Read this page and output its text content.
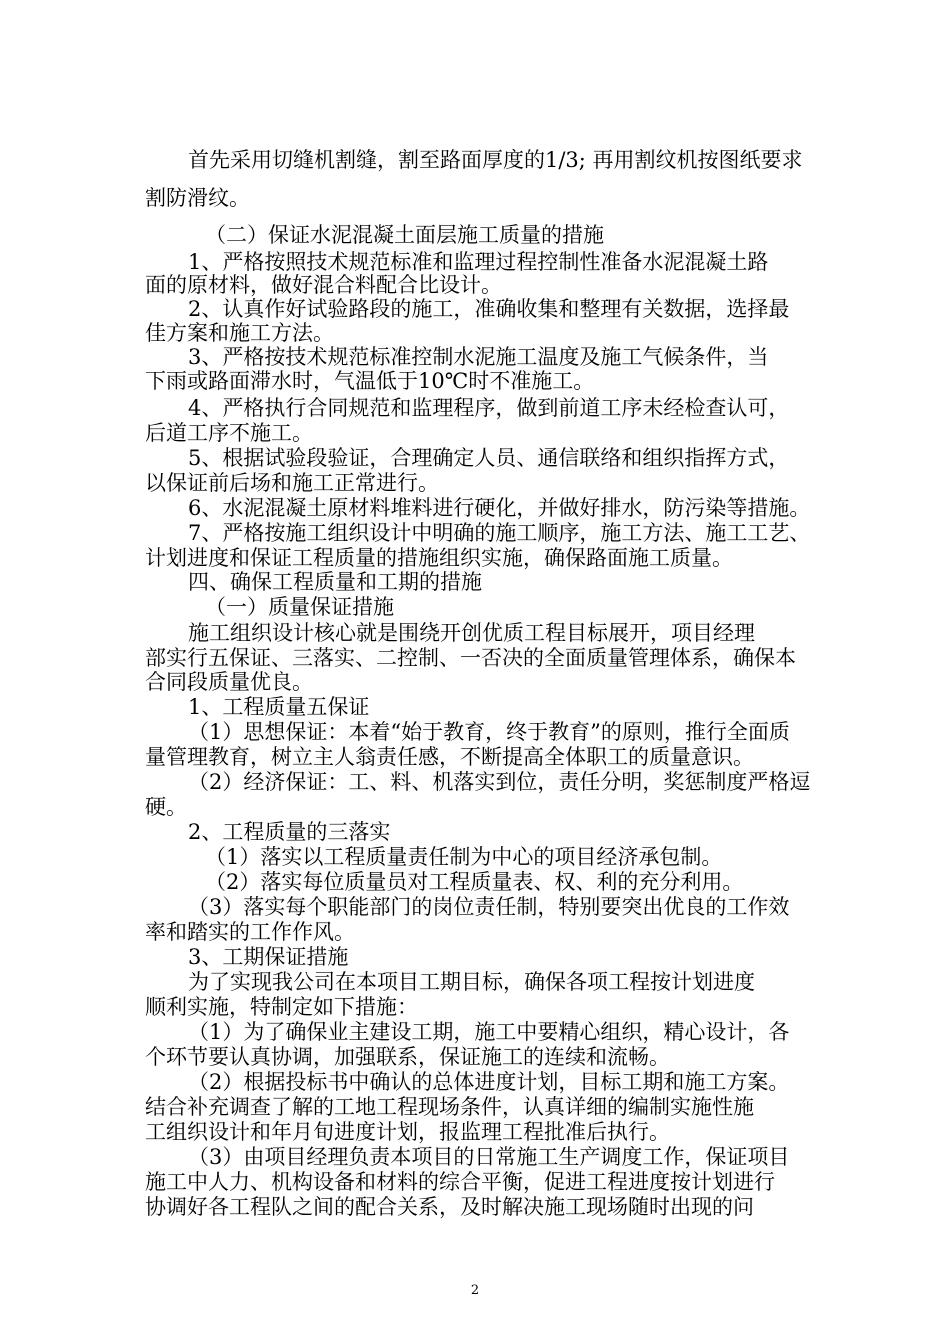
首先采用切缝机割缝，割至路面厚度的1/3; 再用割纹机按图纸要求

割防滑纹。

（二）保证水泥混凝土面层施工质量的措施

1、严格按照技术规范标准和监理过程控制性准备水泥混凝土路

面的原材料，做好混合料配合比设计。

2、认真作好试验路段的施工，准确收集和整理有关数据，选择最

佳方案和施工方法。

3、严格按技术规范标准控制水泥施工温度及施工气候条件，当

下雨或路面滞水时，气温低于10℃时不准施工。

4、严格执行合同规范和监理程序，做到前道工序未经检查认可，

后道工序不施工。

5、根据试验段验证，合理确定人员、通信联络和组织指挥方式，

以保证前后场和施工正常进行。

6、水泥混凝土原材料堆料进行硬化，并做好排水，防污染等措施。

7、严格按施工组织设计中明确的施工顺序，施工方法、施工工艺、

计划进度和保证工程质量的措施组织实施，确保路面施工质量。

四、确保工程质量和工期的措施

（一）质量保证措施

施工组织设计核心就是围绕开创优质工程目标展开，项目经理

部实行五保证、三落实、二控制、一否决的全面质量管理体系，确保本

合同段质量优良。

1、工程质量五保证

（1）思想保证：本着“始于教育，终于教育”的原则，推行全面质

量管理教育，树立主人翁责任感，不断提高全体职工的质量意识。

（2）经济保证：工、料、机落实到位，责任分明，奖惩制度严格逗

硬。

2、工程质量的三落实

（1）落实以工程质量责任制为中心的项目经济承包制。

（2）落实每位质量员对工程质量表、权、利的充分利用。

（3）落实每个职能部门的岗位责任制，特别要突出优良的工作效

率和踏实的工作作风。

3、工期保证措施

为了实现我公司在本项目工期目标，确保各项工程按计划进度

顺利实施，特制定如下措施：

（1）为了确保业主建设工期，施工中要精心组织，精心设计，各

个环节要认真协调，加强联系，保证施工的连续和流畅。

（2）根据投标书中确认的总体进度计划，目标工期和施工方案。

结合补充调查了解的工地工程现场条件，认真详细的编制实施性施

工组织设计和年月旬进度计划，报监理工程批准后执行。

（3）由项目经理负责本项目的日常施工生产调度工作，保证项目

施工中人力、机构设备和材料的综合平衡，促进工程进度按计划进行

协调好各工程队之间的配合关系，及时解决施工现场随时出现的问

2
